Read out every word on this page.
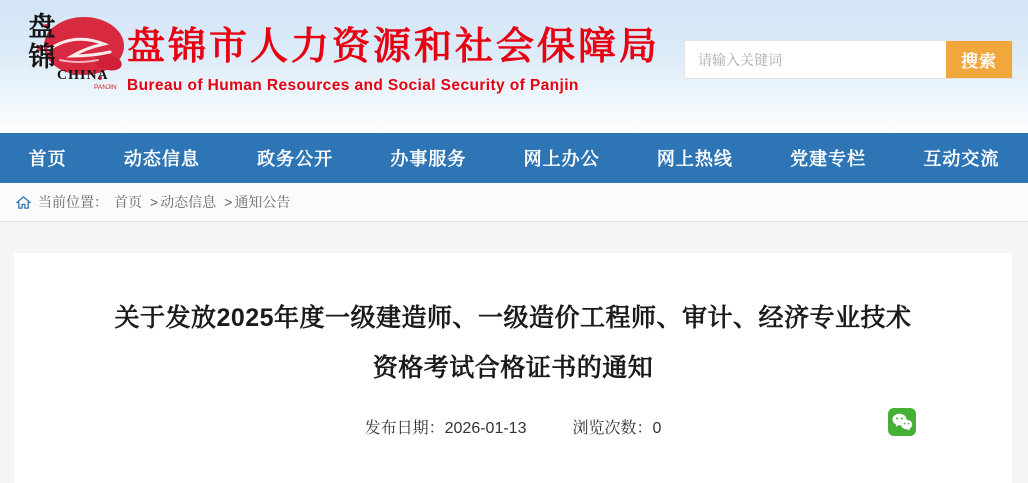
盘
锦
CHINA
PANJIN
盘锦市人力资源和社会保障局
Bureau of Human Resources and Social Security of Panjin
请输入关键词
搜索
首页	动态信息	政务公开	办事服务	网上办公	网上热线	党建专栏	互动交流
当前位置： 首页 > 动态信息 > 通知公告
关于发放2025年度一级建造师、一级造价工程师、审计、经济专业技术
资格考试合格证书的通知
发布日期：2026-01-13	浏览次数：0
